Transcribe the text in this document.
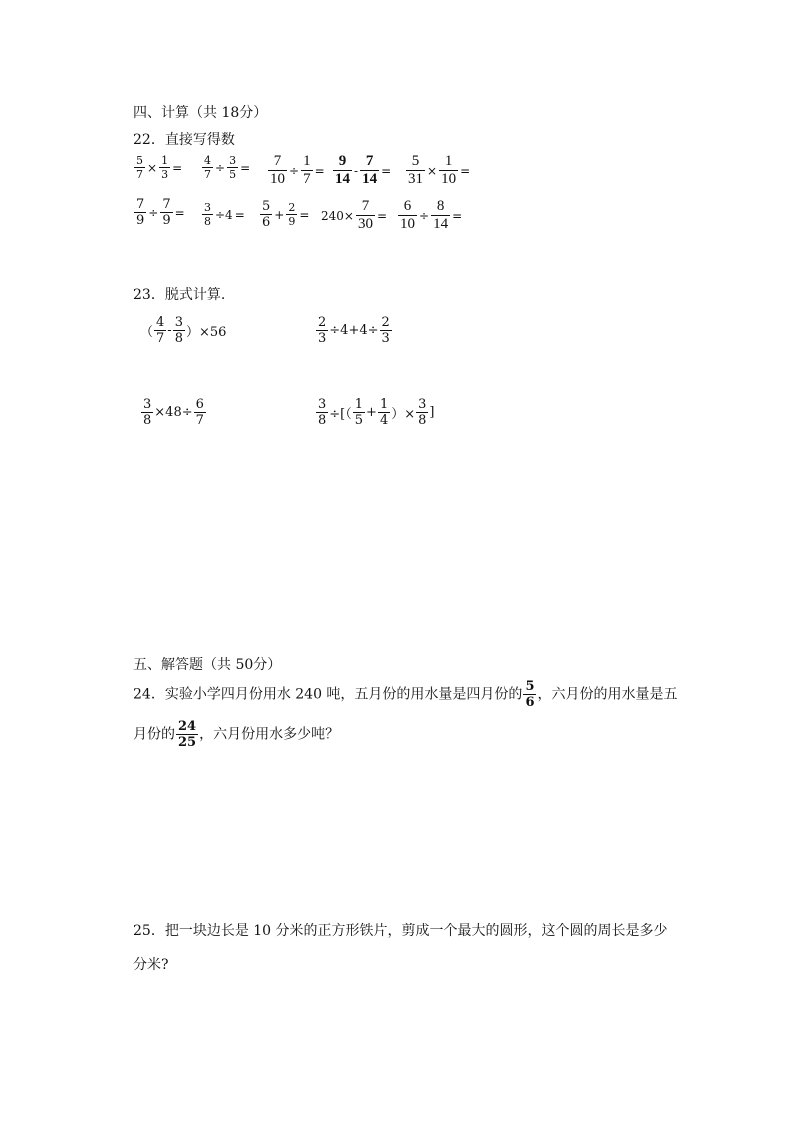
四、计算（共 18分）
22．直接写得数
$\frac{5}{7} \times \frac{1}{3} = \frac{4}{7} \div \frac{3}{5} = \frac{7}{10} \div \frac{1}{7} = \frac{9}{14} - \frac{7}{14} = \frac{5}{31} \times \frac{1}{10}$ =
$\frac{7}{9} \div \frac{7}{9} = \frac{3}{8} \div 4 = \frac{5}{6} + \frac{2}{9} = 240\times \frac{7}{30} = \frac{6}{10} \div \frac{8}{14}$ =
23．脱式计算.
（ $\frac{4}{7} - \frac{3}{8} )\times 56$	$\frac{2}{3} \div 4+4\div \frac{2}{3}$
$\frac{3}{8} \times 48\div \frac{6}{7}$	$\frac{3}{8}$ ÷[（ $\frac{1}{5} + \frac{1}{4}$ ）× $\frac{3}{8}$ ]
五、解答题（共 50分）
24．实验小学四月份用水 240 吨，五月份的用水量是四月份的 $\frac{5}{6}$ ，六月份的用水量是五
月份的 $\frac{24}{25}$ ，六月份用水多少吨？
25．把一块边长是 10 分米的正方形铁片，剪成一个最大的圆形，这个圆的周长是多少
分米?
